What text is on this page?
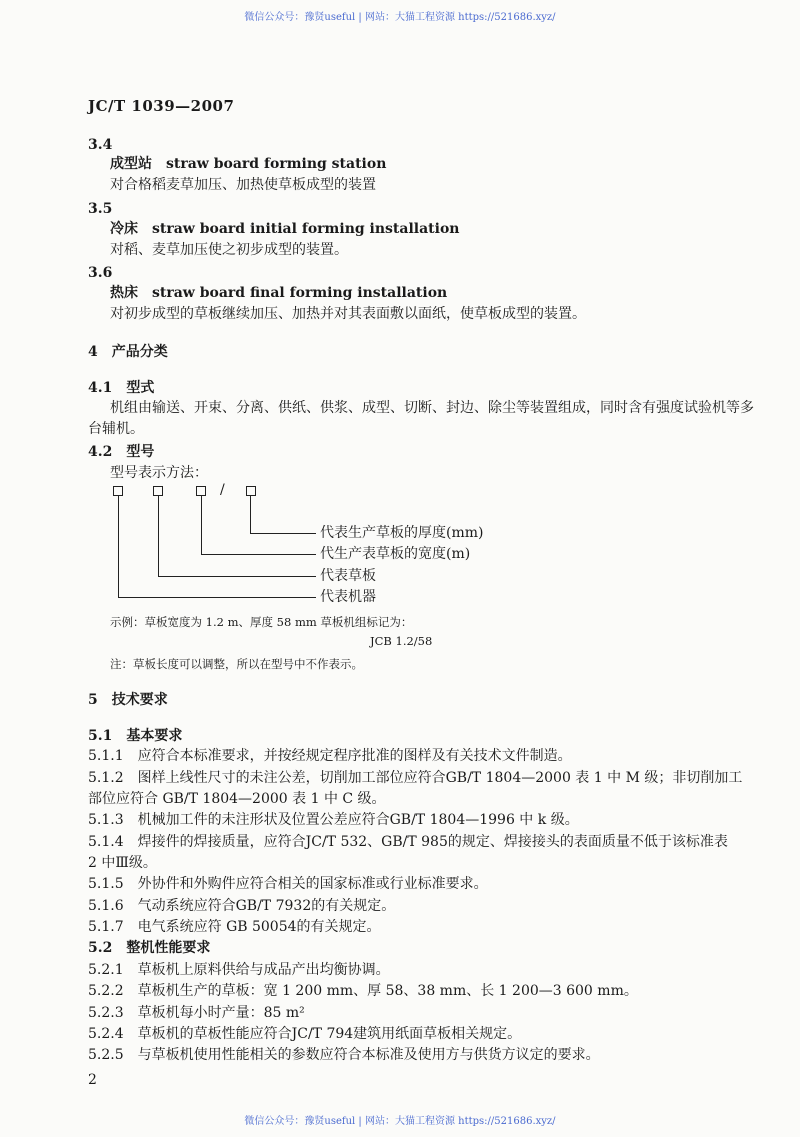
微信公众号：豫贤useful | 网站：大猫工程资源 https://521686.xyz/
JC/T 1039—2007
3.4
成型站　straw board forming station
对合格稻麦草加压、加热使草板成型的装置
3.5
冷床　straw board initial forming installation
对稻、麦草加压使之初步成型的装置。
3.6
热床　straw board final forming installation
对初步成型的草板继续加压、加热并对其表面敷以面纸，使草板成型的装置。
4　产品分类
4.1　型式
机组由输送、开束、分离、供纸、供浆、成型、切断、封边、除尘等装置组成，同时含有强度试验机等多
台辅机。
4.2　型号
型号表示方法：
/
代表生产草板的厚度(mm)
代生产表草板的宽度(m)
代表草板
代表机器
示例：草板宽度为 1.2 m、厚度 58 mm 草板机组标记为：
JCB 1.2/58
注：草板长度可以调整，所以在型号中不作表示。
5　技术要求
5.1　基本要求
5.1.1　应符合本标准要求，并按经规定程序批准的图样及有关技术文件制造。
5.1.2　图样上线性尺寸的未注公差，切削加工部位应符合GB/T 1804—2000 表 1 中 M 级；非切削加工
部位应符合 GB/T 1804—2000 表 1 中 C 级。
5.1.3　机械加工件的未注形状及位置公差应符合GB/T 1804—1996 中 k 级。
5.1.4　焊接件的焊接质量，应符合JC/T 532、GB/T 985的规定、焊接接头的表面质量不低于该标准表
2 中Ⅲ级。
5.1.5　外协件和外购件应符合相关的国家标准或行业标准要求。
5.1.6　气动系统应符合GB/T 7932的有关规定。
5.1.7　电气系统应符 GB 50054的有关规定。
5.2　整机性能要求
5.2.1　草板机上原料供给与成品产出均衡协调。
5.2.2　草板机生产的草板：宽 1 200 mm、厚 58、38 mm、长 1 200—3 600 mm。
5.2.3　草板机每小时产量：85 m²
5.2.4　草板机的草板性能应符合JC/T 794建筑用纸面草板相关规定。
5.2.5　与草板机使用性能相关的参数应符合本标准及使用方与供货方议定的要求。
2
微信公众号：豫贤useful | 网站：大猫工程资源 https://521686.xyz/
